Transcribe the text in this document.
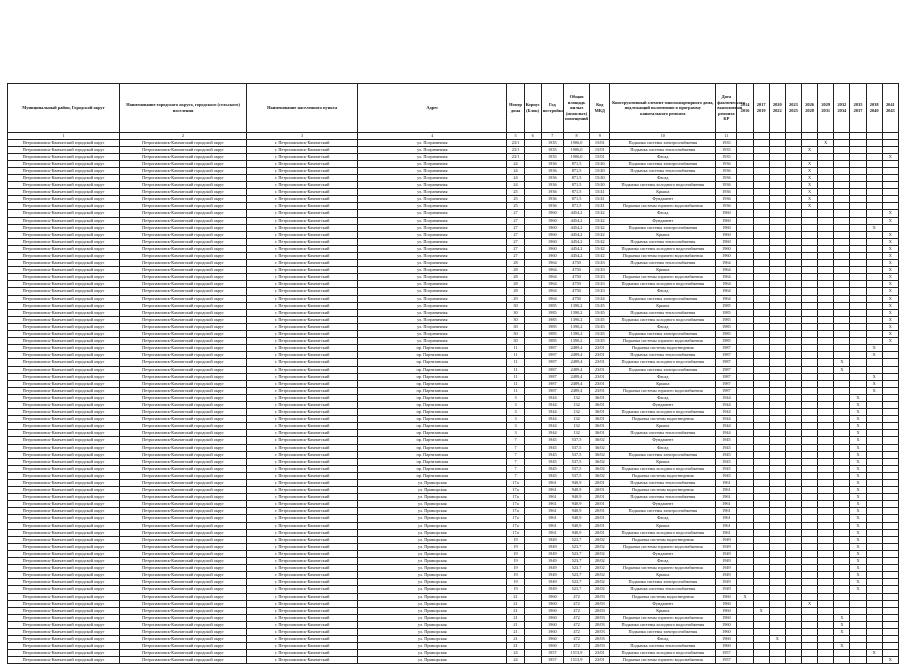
Муниципальный район, Городской округ	Наименование городского округа, городского (сельского) поселения	Наименование населенного пункта	Адрес	Номер дома	Корпус (Блок)	Год постройки	Общая площадь жилых (нежилых) помещений	Код МКД	Конструктивный элемент многоквартирного дома, подлежащий включению в программу капитального ремонта	Дата фактического выполнения ремонта КР	2014 2016	2017 2019	2020 2022	2023 2025	2026 2028	2029 2031	2032 2034	2035 2037	2038 2040	2041 2043
1	2	3	4	5	6	7	8	9	10	11										
Петропавловск-Камчатский городской округ	Петропавловск-Камчатский городской округ	г. Петропавловск-Камчатский	ул. Пограничная	23/1		1935	1906,0	15/01	Подкачка системы электроснабжения	1935						X				
Петропавловск-Камчатский городской округ	Петропавловск-Камчатский городской округ	г. Петропавловск-Камчатский	ул. Пограничная	23/1		1935	1906,0	15/01	Подкачка системы теплоснабжения	1935					X					
Петропавловск-Камчатский городской округ	Петропавловск-Камчатский городской округ	г. Петропавловск-Камчатский	ул. Пограничная	23/1		1935	1906,0	15/01	Фасад	1935										X
Петропавловск-Камчатский городской округ	Петропавловск-Камчатский городской округ	г. Петропавловск-Камчатский	ул. Пограничная	24		1936	871,5	15/40	Подкачка системы электроснабжения	1936					X					
Петропавловск-Камчатский городской округ	Петропавловск-Камчатский городской округ	г. Петропавловск-Камчатский	ул. Пограничная	24		1936	871,5	15/40	Подкачка системы теплоснабжения	1936					X					
Петропавловск-Камчатский городской округ	Петропавловск-Камчатский городской округ	г. Петропавловск-Камчатский	ул. Пограничная	24		1936	871,5	15/40	Фасад	1936					X					
Петропавловск-Камчатский городской округ	Петропавловск-Камчатский городской округ	г. Петропавловск-Камчатский	ул. Пограничная	24		1936	871,5	15/40	Подкачка системы холодного водоснабжения	1936					X					
Петропавловск-Камчатский городской округ	Петропавловск-Камчатский городской округ	г. Петропавловск-Камчатский	ул. Пограничная	25		1936	871,5	15/41	Крыша	1936					X					
Петропавловск-Камчатский городской округ	Петропавловск-Камчатский городской округ	г. Петропавловск-Камчатский	ул. Пограничная	25		1936	871,5	15/41	Фундамент	1936					X					
Петропавловск-Камчатский городской округ	Петропавловск-Камчатский городской округ	г. Петропавловск-Камчатский	ул. Пограничная	25		1936	871,5	15/41	Подкачка системы горячего водоснабжения	1936					X					
Петропавловск-Камчатский городской округ	Петропавловск-Камчатский городской округ	г. Петропавловск-Камчатский	ул. Пограничная	27		1960	4454,2	15/42	Фасад	1960										X
Петропавловск-Камчатский городской округ	Петропавловск-Камчатский городской округ	г. Петропавловск-Камчатский	ул. Пограничная	27		1960	4454,2	15/42	Фундамент	1960										X
Петропавловск-Камчатский городской округ	Петропавловск-Камчатский городской округ	г. Петропавловск-Камчатский	ул. Пограничная	27		1960	4454,2	15/42	Подкачка системы электроснабжения	1960									X	
Петропавловск-Камчатский городской округ	Петропавловск-Камчатский городской округ	г. Петропавловск-Камчатский	ул. Пограничная	27		1960	4454,2	15/42	Крыша	1960										X
Петропавловск-Камчатский городской округ	Петропавловск-Камчатский городской округ	г. Петропавловск-Камчатский	ул. Пограничная	27		1960	4454,2	15/42	Подкачка системы теплоснабжения	1960										X
Петропавловск-Камчатский городской округ	Петропавловск-Камчатский городской округ	г. Петропавловск-Камчатский	ул. Пограничная	27		1960	4454,2	15/42	Подкачка системы холодного водоснабжения	1960										X
Петропавловск-Камчатский городской округ	Петропавловск-Камчатский городской округ	г. Петропавловск-Камчатский	ул. Пограничная	27		1960	4454,2	15/42	Подкачка системы горячего водоснабжения	1960										X
Петропавловск-Камчатский городской округ	Петропавловск-Камчатский городской округ	г. Петропавловск-Камчатский	ул. Пограничная	28		1964	4750	15/43	Подкачка системы теплоснабжения	1964										X
Петропавловск-Камчатский городской округ	Петропавловск-Камчатский городской округ	г. Петропавловск-Камчатский	ул. Пограничная	28		1964	4750	15/43	Крыша	1964										X
Петропавловск-Камчатский городской округ	Петропавловск-Камчатский городской округ	г. Петропавловск-Камчатский	ул. Пограничная	28		1964	4750	15/43	Подкачка системы горячего водоснабжения	1964										X
Петропавловск-Камчатский городской округ	Петропавловск-Камчатский городской округ	г. Петропавловск-Камчатский	ул. Пограничная	28		1964	4750	15/43	Подкачка системы холодного водоснабжения	1964										X
Петропавловск-Камчатский городской округ	Петропавловск-Камчатский городской округ	г. Петропавловск-Камчатский	ул. Пограничная	28		1964	4750	15/43	Фасад	1964										X
Петропавловск-Камчатский городской округ	Петропавловск-Камчатский городской округ	г. Петропавловск-Камчатский	ул. Пограничная	29		1964	4750	15/44	Подкачка системы электроснабжения	1964										X
Петропавловск-Камчатский городской округ	Петропавловск-Камчатский городской округ	г. Петропавловск-Камчатский	ул. Пограничная	30		1985	1390,2	15/45	Крыша	1985										X
Петропавловск-Камчатский городской округ	Петропавловск-Камчатский городской округ	г. Петропавловск-Камчатский	ул. Пограничная	30		1985	1390,2	15/45	Подкачка системы теплоснабжения	1985										X
Петропавловск-Камчатский городской округ	Петропавловск-Камчатский городской округ	г. Петропавловск-Камчатский	ул. Пограничная	30		1985	1390,2	15/45	Подкачка системы холодного водоснабжения	1985										X
Петропавловск-Камчатский городской округ	Петропавловск-Камчатский городской округ	г. Петропавловск-Камчатский	ул. Пограничная	30		1985	1390,2	15/45	Фасад	1985										X
Петропавловск-Камчатский городской округ	Петропавловск-Камчатский городской округ	г. Петропавловск-Камчатский	ул. Пограничная	30		1985	1390,2	15/45	Подкачка системы электроснабжения	1985										X
Петропавловск-Камчатский городской округ	Петропавловск-Камчатский городской округ	г. Петропавловск-Камчатский	ул. Пограничная	30		1985	1390,2	15/45	Подкачка системы горячего водоснабжения	1985										X
Петропавловск-Камчатский городской округ	Петропавловск-Камчатский городской округ	г. Петропавловск-Камчатский	пр. Партизанская	11		1987	2489,4	23/01	Подкачка системы водоотведения	1987									X	
Петропавловск-Камчатский городской округ	Петропавловск-Камчатский городской округ	г. Петропавловск-Камчатский	пр. Партизанская	11		1987	2489,4	23/01	Подкачка системы теплоснабжения	1987									X	
Петропавловск-Камчатский городской округ	Петропавловск-Камчатский городской округ	г. Петропавловск-Камчатский	пр. Партизанская	11		1987	2489,4	23/01	Подкачка системы холодного водоснабжения	1987							X			
Петропавловск-Камчатский городской округ	Петропавловск-Камчатский городской округ	г. Петропавловск-Камчатский	пр. Партизанская	11		1987	2489,4	23/01	Подкачка системы электроснабжения	1987							X			
Петропавловск-Камчатский городской округ	Петропавловск-Камчатский городской округ	г. Петропавловск-Камчатский	пр. Партизанская	11		1987	2489,4	23/01	Фасад	1987									X	
Петропавловск-Камчатский городской округ	Петропавловск-Камчатский городской округ	г. Петропавловск-Камчатский	пр. Партизанская	11		1987	2489,4	23/01	Крыша	1987									X	
Петропавловск-Камчатский городской округ	Петропавловск-Камчатский городской округ	г. Петропавловск-Камчатский	пр. Партизанская	11		1987	2489,4	23/01	Подкачка системы горячего водоснабжения	1987									X	
Петропавловск-Камчатский городской округ	Петропавловск-Камчатский городской округ	г. Петропавловск-Камчатский	пр. Партизанская	3		1944	132	36/01	Фасад	1944								X		
Петропавловск-Камчатский городской округ	Петропавловск-Камчатский городской округ	г. Петропавловск-Камчатский	пр. Партизанская	3		1944	132	36/01	Фундамент	1944								X		
Петропавловск-Камчатский городской округ	Петропавловск-Камчатский городской округ	г. Петропавловск-Камчатский	пр. Партизанская	3		1944	132	36/01	Подкачка системы холодного водоснабжения	1944								X		
Петропавловск-Камчатский городской округ	Петропавловск-Камчатский городской округ	г. Петропавловск-Камчатский	пр. Партизанская	3		1944	132	36/01	Подкачка системы водоотведения	1944								X		
Петропавловск-Камчатский городской округ	Петропавловск-Камчатский городской округ	г. Петропавловск-Камчатский	пр. Партизанская	3		1944	132	36/01	Крыша	1944								X		
Петропавловск-Камчатский городской округ	Петропавловск-Камчатский городской округ	г. Петропавловск-Камчатский	пр. Партизанская	3		1944	132	36/01	Подкачка системы теплоснабжения	1944								X		
Петропавловск-Камчатский городской округ	Петропавловск-Камчатский городской округ	г. Петропавловск-Камчатский	пр. Партизанская	7		1945	537,5	36/02	Фундамент	1945								X		
Петропавловск-Камчатский городской округ	Петропавловск-Камчатский городской округ	г. Петропавловск-Камчатский	пр. Партизанская	7		1945	537,5	36/02	Фасад	1945								X		
Петропавловск-Камчатский городской округ	Петропавловск-Камчатский городской округ	г. Петропавловск-Камчатский	пр. Партизанская	7		1945	537,5	36/02	Подкачка системы электроснабжения	1945								X		
Петропавловск-Камчатский городской округ	Петропавловск-Камчатский городской округ	г. Петропавловск-Камчатский	пр. Партизанская	7		1945	537,5	36/02	Крыша	1945								X		
Петропавловск-Камчатский городской округ	Петропавловск-Камчатский городской округ	г. Петропавловск-Камчатский	пр. Партизанская	7		1945	537,5	36/02	Подкачка системы холодного водоснабжения	1945								X		
Петропавловск-Камчатский городской округ	Петропавловск-Камчатский городской округ	г. Петропавловск-Камчатский	пр. Партизанская	7		1945	537,5	36/02	Подкачка системы водоотведения	1945								X		
Петропавловск-Камчатский городской округ	Петропавловск-Камчатский городской округ	г. Петропавловск-Камчатский	ул. Приморская	17а		1961	940,9	20/01	Подкачка системы теплоснабжения	1961								X		
Петропавловск-Камчатский городской округ	Петропавловск-Камчатский городской округ	г. Петропавловск-Камчатский	ул. Приморская	17а		1961	940,9	20/01	Подкачка системы водоотведения	1961								X		
Петропавловск-Камчатский городской округ	Петропавловск-Камчатский городской округ	г. Петропавловск-Камчатский	ул. Приморская	17а		1961	940,9	20/01	Подкачка системы теплоснабжения	1961								X		
Петропавловск-Камчатский городской округ	Петропавловск-Камчатский городской округ	г. Петропавловск-Камчатский	ул. Приморская	17а		1961	940,9	20/01	Фундамент	1961								X		
Петропавловск-Камчатский городской округ	Петропавловск-Камчатский городской округ	г. Петропавловск-Камчатский	ул. Приморская	17а		1961	940,9	20/01	Подкачка системы электроснабжения	1961								X		
Петропавловск-Камчатский городской округ	Петропавловск-Камчатский городской округ	г. Петропавловск-Камчатский	ул. Приморская	17а		1961	940,9	20/01	Фасад	1961								X		
Петропавловск-Камчатский городской округ	Петропавловск-Камчатский городской округ	г. Петропавловск-Камчатский	ул. Приморская	17а		1961	940,9	20/01	Крыша	1961								X		
Петропавловск-Камчатский городской округ	Петропавловск-Камчатский городской округ	г. Петропавловск-Камчатский	ул. Приморская	17а		1961	940,9	20/01	Подкачка системы холодного водоснабжения	1961								X		
Петропавловск-Камчатский городской округ	Петропавловск-Камчатский городской округ	г. Петропавловск-Камчатский	ул. Приморская	19		1949	523,7	20/02	Подкачка системы водоотведения	1949								X		
Петропавловск-Камчатский городской округ	Петропавловск-Камчатский городской округ	г. Петропавловск-Камчатский	ул. Приморская	19		1949	523,7	20/02	Подкачка системы горячего водоснабжения	1949								X		
Петропавловск-Камчатский городской округ	Петропавловск-Камчатский городской округ	г. Петропавловск-Камчатский	ул. Приморская	19		1949	523,7	20/02	Фундамент	1949								X		
Петропавловск-Камчатский городской округ	Петропавловск-Камчатский городской округ	г. Петропавловск-Камчатский	ул. Приморская	19		1949	523,7	20/02	Фасад	1949								X		
Петропавловск-Камчатский городской округ	Петропавловск-Камчатский городской округ	г. Петропавловск-Камчатский	ул. Приморская	19		1949	523,7	20/02	Подкачка системы горячего водоснабжения	1949								X		
Петропавловск-Камчатский городской округ	Петропавловск-Камчатский городской округ	г. Петропавловск-Камчатский	ул. Приморская	19		1949	523,7	20/02	Крыша	1949								X		
Петропавловск-Камчатский городской округ	Петропавловск-Камчатский городской округ	г. Петропавловск-Камчатский	ул. Приморская	19		1949	523,7	20/02	Подкачка системы электроснабжения	1949								X		
Петропавловск-Камчатский городской округ	Петропавловск-Камчатский городской округ	г. Петропавловск-Камчатский	ул. Приморская	19		1949	523,7	20/02	Подкачка системы теплоснабжения	1949								X		
Петропавловск-Камчатский городской округ	Петропавловск-Камчатский городской округ	г. Петропавловск-Камчатский	ул. Приморская	21		1960	472	20/03	Подкачка системы водоотведения	1960	X									
Петропавловск-Камчатский городской округ	Петропавловск-Камчатский городской округ	г. Петропавловск-Камчатский	ул. Приморская	21		1960	472	20/03	Фундамент	1960					X					
Петропавловск-Камчатский городской округ	Петропавловск-Камчатский городской округ	г. Петропавловск-Камчатский	ул. Приморская	21		1960	472	20/03	Крыша	1960		X								
Петропавловск-Камчатский городской округ	Петропавловск-Камчатский городской округ	г. Петропавловск-Камчатский	ул. Приморская	21		1960	472	20/03	Подкачка системы горячего водоснабжения	1960							X			
Петропавловск-Камчатский городской округ	Петропавловск-Камчатский городской округ	г. Петропавловск-Камчатский	ул. Приморская	21		1960	472	20/03	Подкачка системы холодного водоснабжения	1960							X			
Петропавловск-Камчатский городской округ	Петропавловск-Камчатский городской округ	г. Петропавловск-Камчатский	ул. Приморская	21		1960	472	20/03	Подкачка системы электроснабжения	1960							X			
Петропавловск-Камчатский городской округ	Петропавловск-Камчатский городской округ	г. Петропавловск-Камчатский	ул. Приморская	21		1960	472	20/03	Фасад	1960			X							
Петропавловск-Камчатский городской округ	Петропавловск-Камчатский городской округ	г. Петропавловск-Камчатский	ул. Приморская	21		1960	472	20/03	Подкачка системы теплоснабжения	1960							X			
Петропавловск-Камчатский городской округ	Петропавловск-Камчатский городской округ	г. Петропавловск-Камчатский	ул. Приморская	24		1957	1513,9	23/01	Подкачка системы холодного водоснабжения	1957									X	
Петропавловск-Камчатский городской округ	Петропавловск-Камчатский городской округ	г. Петропавловск-Камчатский	ул. Приморская	24		1957	1513,9	23/01	Подкачка системы горячего водоснабжения	1957										X
